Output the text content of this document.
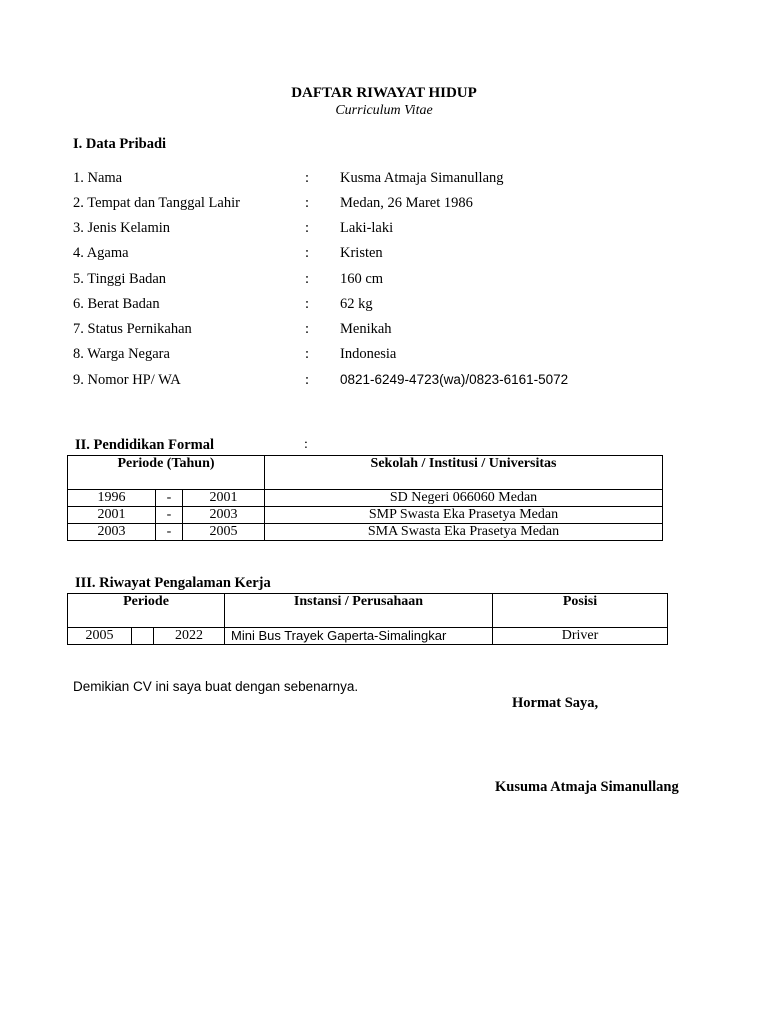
DAFTAR RIWAYAT HIDUP
Curriculum Vitae
I. Data Pribadi
1. Nama	: Kusma Atmaja Simanullang
2. Tempat dan Tanggal Lahir	: Medan, 26 Maret 1986
3. Jenis Kelamin	: Laki-laki
4. Agama	: Kristen
5. Tinggi Badan	: 160 cm
6. Berat Badan	: 62 kg
7. Status Pernikahan	: Menikah
8. Warga Negara	: Indonesia
9. Nomor HP/ WA	: 0821-6249-4723(wa)/0823-6161-5072
II. Pendidikan Formal	:
Periode (Tahun)			Sekolah / Institusi / Universitas
1996	-	2001	SD Negeri 066060 Medan
2001	-	2003	SMP Swasta Eka Prasetya Medan
2003	-	2005	SMA Swasta Eka Prasetya Medan
III. Riwayat Pengalaman Kerja
Periode			Instansi / Perusahaan	Posisi
2005		2022	Mini Bus Trayek Gaperta-Simalingkar	Driver
Demikian CV ini saya buat dengan sebenarnya.
Hormat Saya,
Kusuma Atmaja Simanullang
